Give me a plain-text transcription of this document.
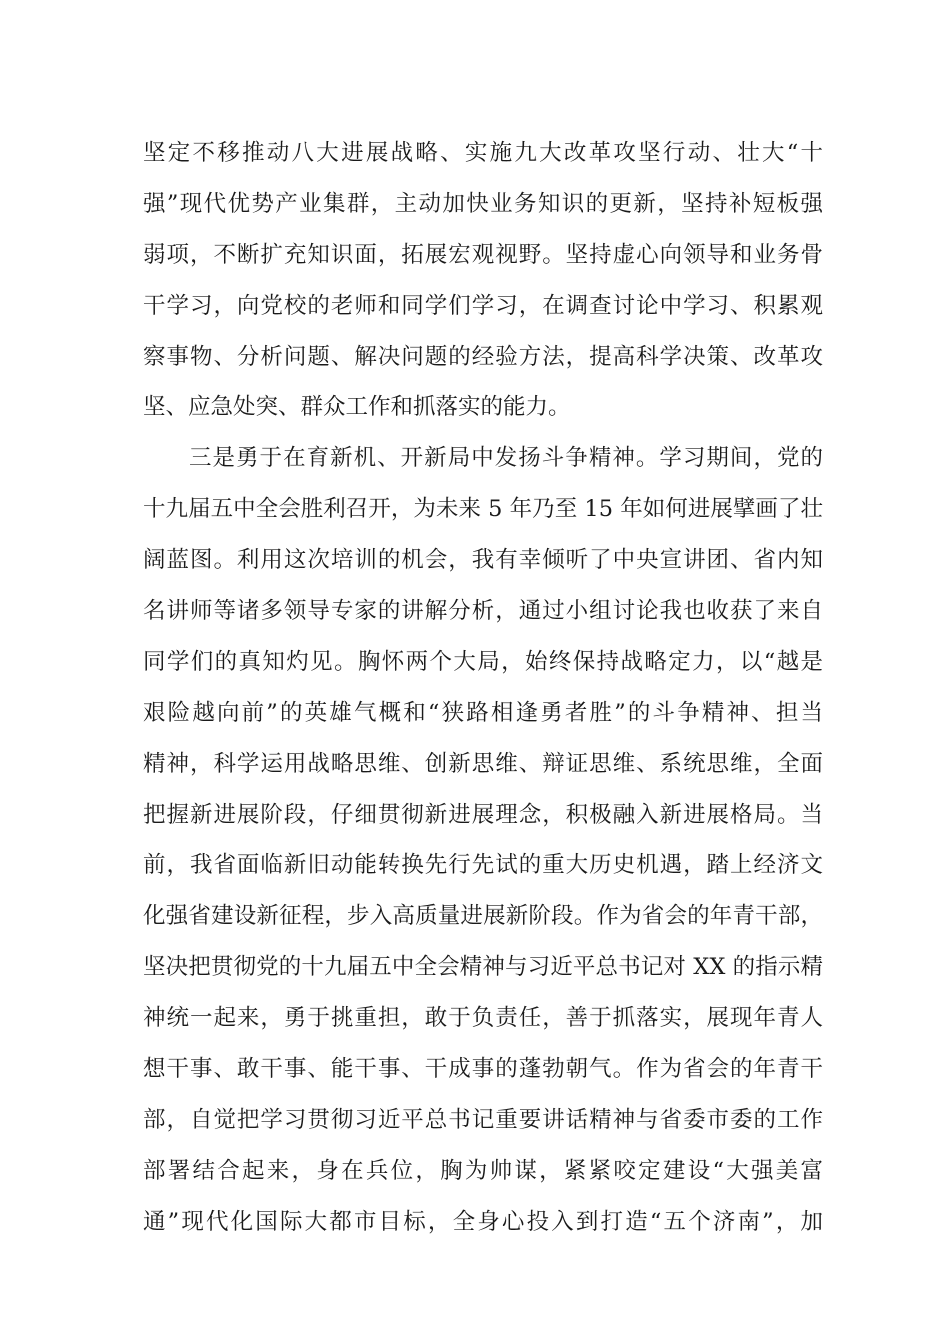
坚定不移推动八大进展战略、实施九大改革攻坚行动、壮大“十
强”现代优势产业集群，主动加快业务知识的更新，坚持补短板强
弱项，不断扩充知识面，拓展宏观视野。坚持虚心向领导和业务骨
干学习，向党校的老师和同学们学习，在调查讨论中学习、积累观
察事物、分析问题、解决问题的经验方法，提高科学决策、改革攻
坚、应急处突、群众工作和抓落实的能力。
三是勇于在育新机、开新局中发扬斗争精神。学习期间，党的
十九届五中全会胜利召开，为未来 5 年乃至 15 年如何进展擘画了壮
阔蓝图。利用这次培训的机会，我有幸倾听了中央宣讲团、省内知
名讲师等诸多领导专家的讲解分析，通过小组讨论我也收获了来自
同学们的真知灼见。胸怀两个大局，始终保持战略定力，以“越是
艰险越向前”的英雄气概和“狭路相逢勇者胜”的斗争精神、担当
精神，科学运用战略思维、创新思维、辩证思维、系统思维，全面
把握新进展阶段，仔细贯彻新进展理念，积极融入新进展格局。当
前，我省面临新旧动能转换先行先试的重大历史机遇，踏上经济文
化强省建设新征程，步入高质量进展新阶段。作为省会的年青干部，
坚决把贯彻党的十九届五中全会精神与习近平总书记对 XX 的指示精
神统一起来，勇于挑重担，敢于负责任，善于抓落实，展现年青人
想干事、敢干事、能干事、干成事的蓬勃朝气。作为省会的年青干
部，自觉把学习贯彻习近平总书记重要讲话精神与省委市委的工作
部署结合起来，身在兵位，胸为帅谋，紧紧咬定建设“大强美富
通”现代化国际大都市目标，全身心投入到打造“五个济南”，加
